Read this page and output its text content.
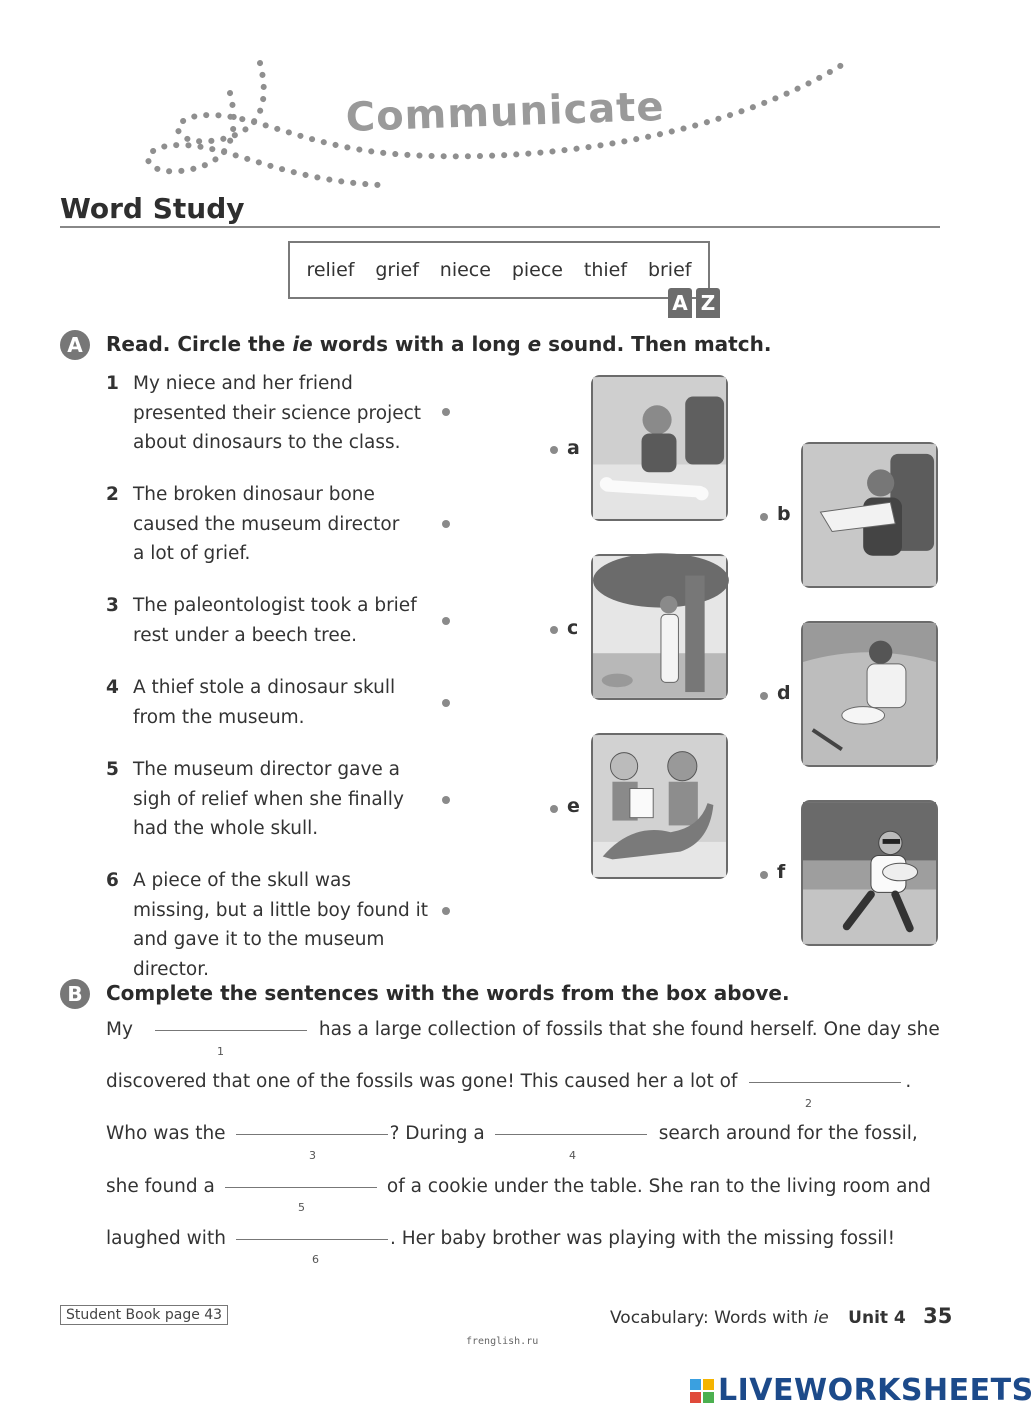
Communicate
Word Study
relief grief niece piece thief brief
A Z
A	Read. Circle the ie words with a long e sound. Then match.
1 My niece and her friend presented their science project about dinosaurs to the class.
2 The broken dinosaur bone caused the museum director a lot of grief.
3 The paleontologist took a brief rest under a beech tree.
4 A thief stole a dinosaur skull from the museum.
5 The museum director gave a sigh of relief when she finally had the whole skull.
6 A piece of the skull was missing, but a little boy found it and gave it to the museum director.
a
b
c
d
e
f
B	Complete the sentences with the words from the box above.
My	has a large collection of fossils that she found herself. One day she
1
discovered that one of the fossils was gone! This caused her a lot of	.
2
Who was the	? During a	search around for the fossil,
3	4
she found a	of a cookie under the table. She ran to the living room and
5
laughed with	. Her baby brother was playing with the missing fossil!
6
Student Book page 43	Vocabulary: Words with ie Unit 4 35
frenglish.ru
LIVEWORKSHEETS
